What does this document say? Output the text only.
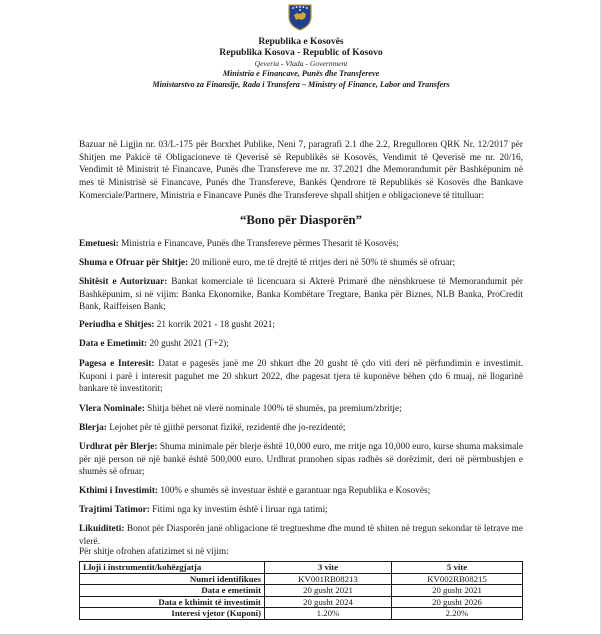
Republika e Kosovës
Republika Kosova - Republic of Kosovo
Qeveria - Vlada - Government
Ministria e Financave, Punës dhe Transfereve
Ministarstvo za Finansije, Rada i Transfera – Ministry of Finance, Labor and Transfers
Bazuar në Ligjin nr. 03/L-175 për Borxhet Publike, Neni 7, paragrafi 2.1 dhe 2.2, Rregulloren QRK Nr. 12/2017 për Shitjen me Pakicë të Obligacioneve të Qeverisë së Republikës së Kosovës, Vendimit të Qeverisë me nr. 20/16, Vendimit të Ministrit të Financave, Punës dhe Transfereve me nr. 37.2021 dhe Memorandumit për Bashkëpunim në mes të Ministrisë së Financave, Punës dhe Transfereve, Bankës Qendrore të Republikës së Kosovës dhe Bankave Komerciale/Partnere, Ministria e Financave Punës dhe Transfereve shpall shitjen e obligacioneve të titulluar:
“Bono për Diasporën”
Emetuesi: Ministria e Financave, Punës dhe Transfereve përmes Thesarit të Kosovës;
Shuma e Ofruar për Shitje: 20 milionë euro, me të drejtë të rritjes deri në 50% të shumës së ofruar;
Shitësit e Autorizuar: Bankat komerciale të licencuara si Akterë Primarë dhe nënshkruese të Memorandumit për Bashkëpunim, si në vijim: Banka Ekonomike, Banka Kombëtare Tregtare, Banka për Biznes, NLB Banka, ProCredit Bank, Raiffeisen Bank;
Periudha e Shitjes: 21 korrik 2021 - 18 gusht 2021;
Data e Emetimit: 20 gusht 2021 (T+2);
Pagesa e Interesit: Datat e pagesës janë me 20 shkurt dhe 20 gusht të çdo viti deri në përfundimin e investimit. Kuponi i parë i interesit paguhet me 20 shkurt 2022, dhe pagesat tjera të kuponëve bëhen çdo 6 muaj, në llogarinë bankare të investitorit;
Vlera Nominale: Shitja bëhet në vlerë nominale 100% të shumës, pa premium/zbritje;
Blerja: Lejohet për të gjithë personat fizikë, rezidentë dhe jo-rezidentë;
Urdhrat për Blerje: Shuma minimale për blerje është 10,000 euro, me rritje nga 10,000 euro, kurse shuma maksimale për një person në një bankë është 500,000 euro. Urdhrat pranohen sipas radhës së dorëzimit, deri në përmbushjen e shumës së ofruar;
Kthimi i Investimit: 100% e shumës së investuar është e garantuar nga Republika e Kosovës;
Trajtimi Tatimor: Fitimi nga ky investim është i liruar nga tatimi;
Likuiditeti: Bonot për Diasporën janë obligacione të tregtueshme dhe mund të shiten në tregun sekondar të letrave me vlerë.
Për shitje ofrohen afatizimet si në vijim:
Lloji i instrumentit/kohëzgjatja	3 vite	5 vite
Numri identifikues	KV001RB08213	KV002RB08215
Data e emetimit	20 gusht 2021	20 gusht 2021
Data e kthimit të investimit	20 gusht 2024	20 gusht 2026
Interesi vjetor (Kuponi)	1.20%	2.20%
